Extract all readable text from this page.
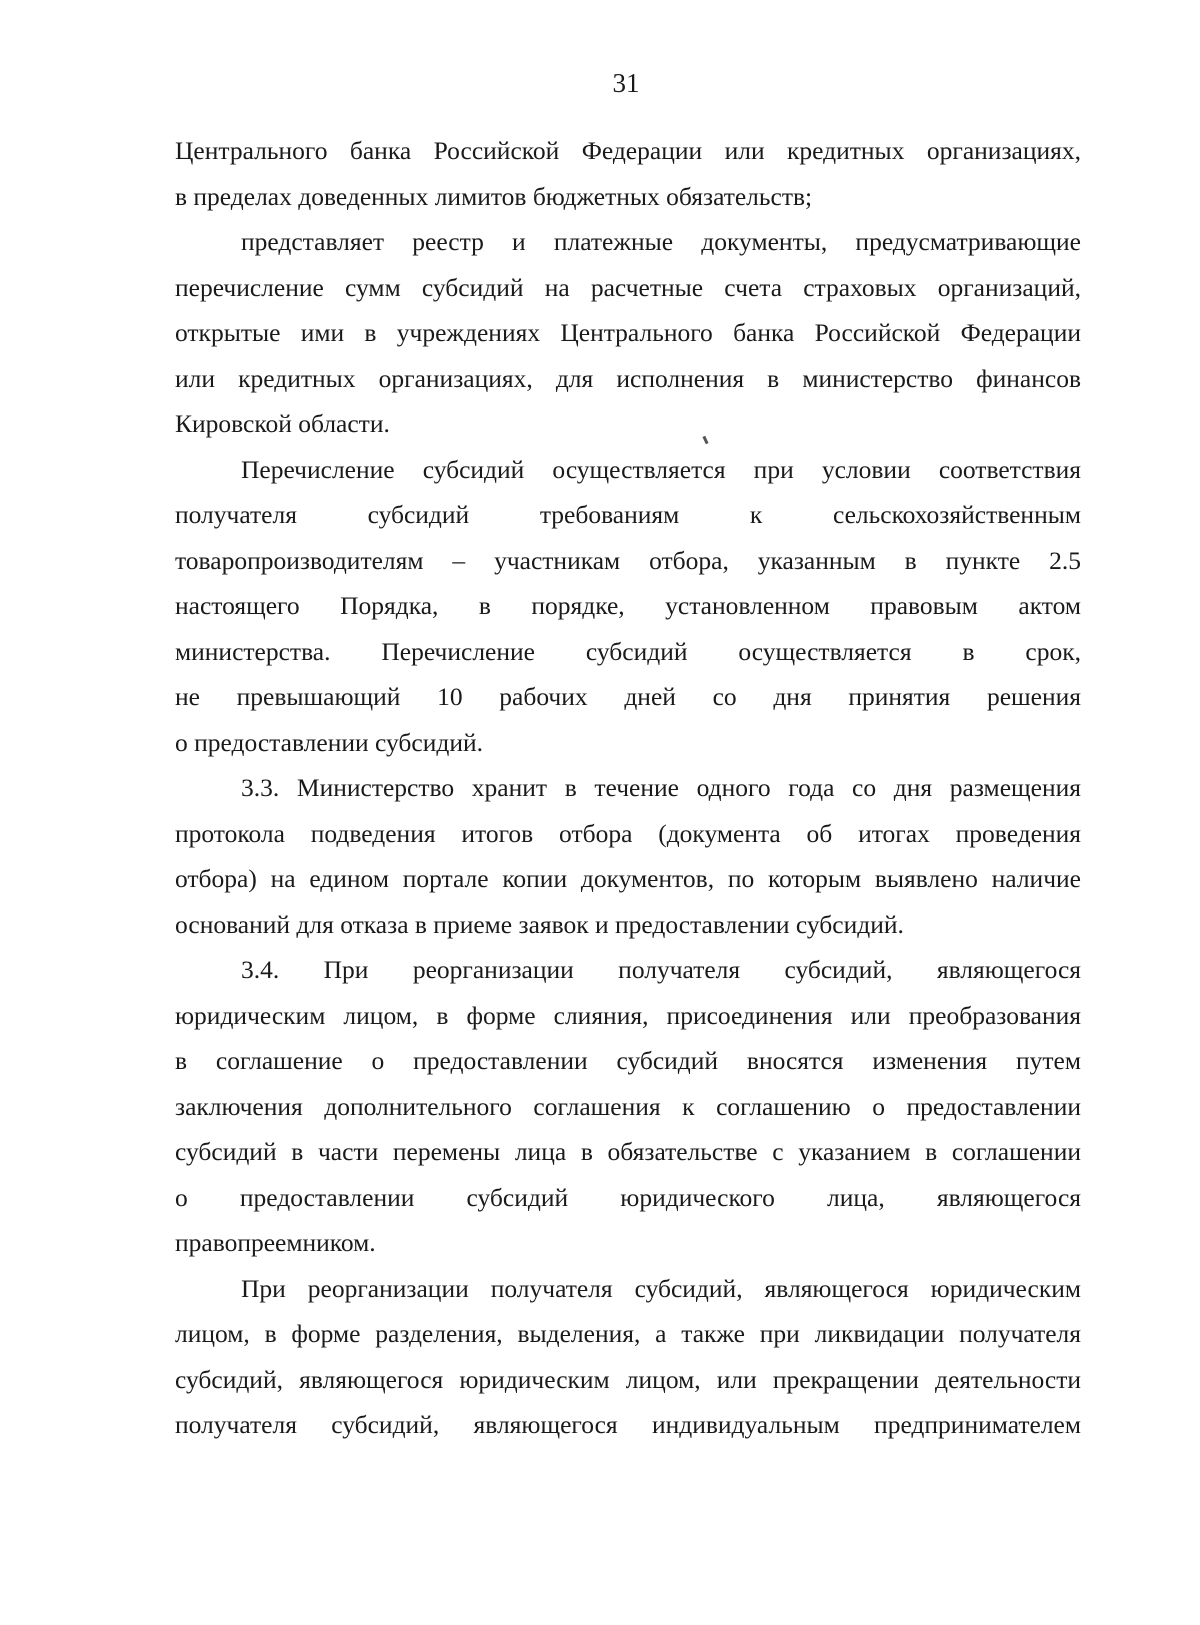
31
Центрального банка Российской Федерации или кредитных организациях,
в пределах доведенных лимитов бюджетных обязательств;
представляет реестр и платежные документы, предусматривающие
перечисление сумм субсидий на расчетные счета страховых организаций,
открытые ими в учреждениях Центрального банка Российской Федерации
или кредитных организациях, для исполнения в министерство финансов
Кировской области.
Перечисление субсидий осуществляется при условии соответствия
получателя субсидий требованиям к сельскохозяйственным
товаропроизводителям – участникам отбора, указанным в пункте 2.5
настоящего Порядка, в порядке, установленном правовым актом
министерства. Перечисление субсидий осуществляется в срок,
не превышающий 10 рабочих дней со дня принятия решения
о предоставлении субсидий.
3.3. Министерство хранит в течение одного года со дня размещения
протокола подведения итогов отбора (документа об итогах проведения
отбора) на едином портале копии документов, по которым выявлено наличие
оснований для отказа в приеме заявок и предоставлении субсидий.
3.4. При реорганизации получателя субсидий, являющегося
юридическим лицом, в форме слияния, присоединения или преобразования
в соглашение о предоставлении субсидий вносятся изменения путем
заключения дополнительного соглашения к соглашению о предоставлении
субсидий в части перемены лица в обязательстве с указанием в соглашении
о предоставлении субсидий юридического лица, являющегося
правопреемником.
При реорганизации получателя субсидий, являющегося юридическим
лицом, в форме разделения, выделения, а также при ликвидации получателя
субсидий, являющегося юридическим лицом, или прекращении деятельности
получателя субсидий, являющегося индивидуальным предпринимателем
